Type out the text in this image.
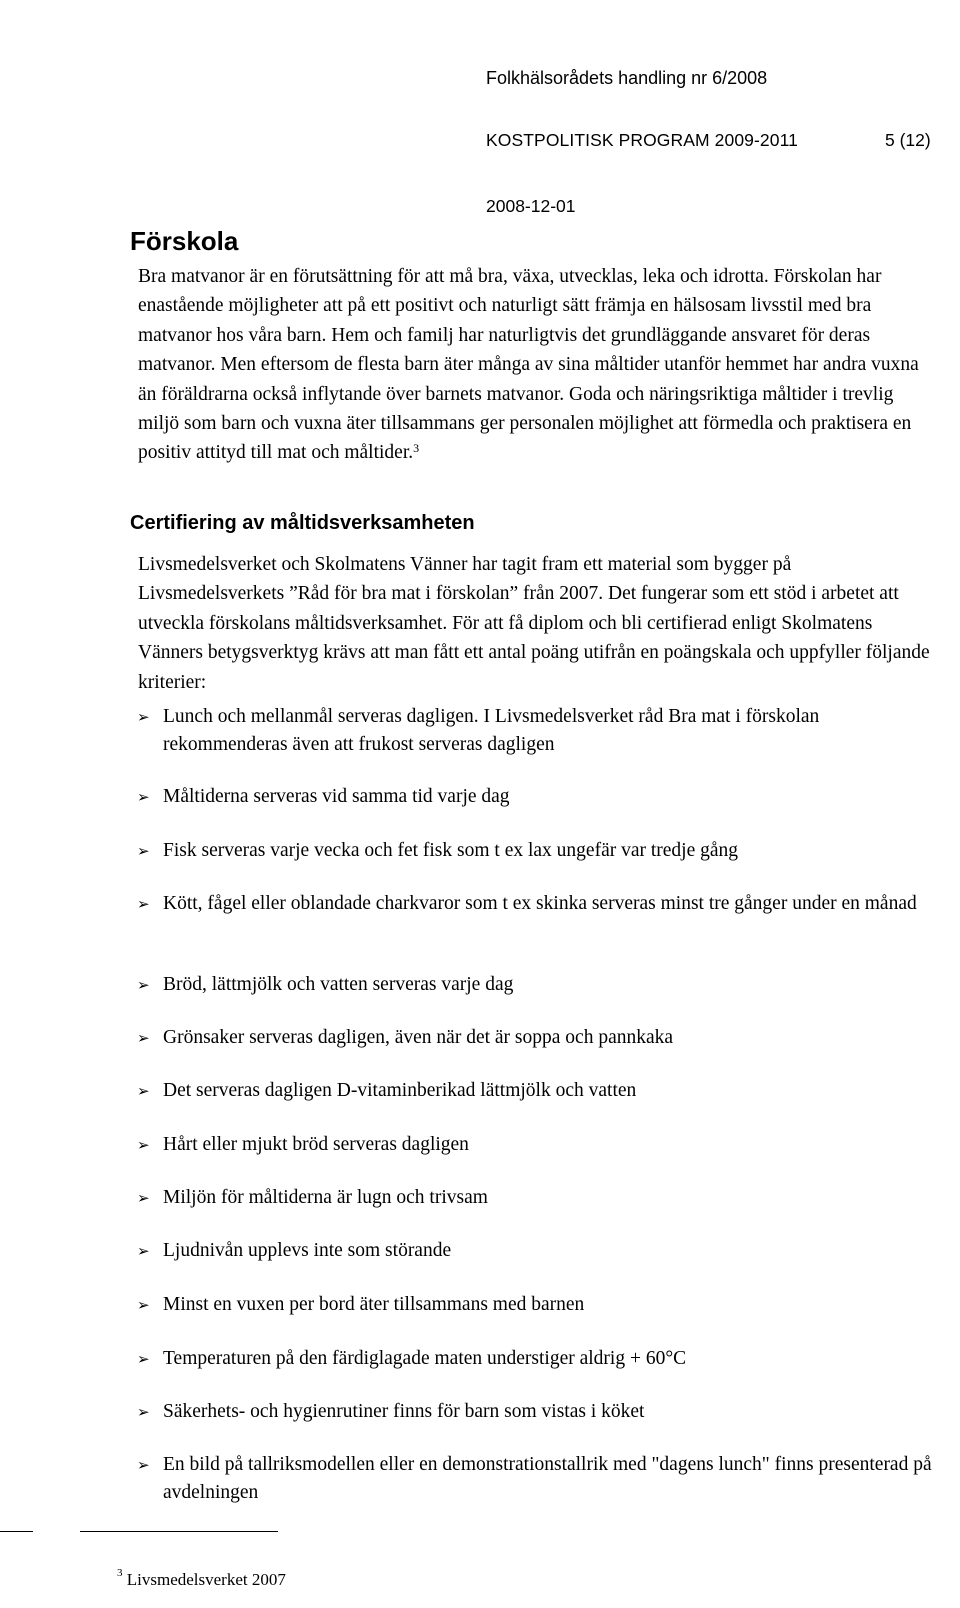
Folkhälsorådets handling nr 6/2008
KOSTPOLITISK PROGRAM 2009-2011	5 (12)
2008-12-01
Förskola

Bra matvanor är en förutsättning för att må bra, växa, utvecklas, leka och idrotta. Förskolan har enastående möjligheter att på ett positivt och naturligt sätt främja en hälsosam livsstil med bra matvanor hos våra barn. Hem och familj har naturligtvis det grundläggande ansvaret för deras matvanor. Men eftersom de flesta barn äter många av sina måltider utanför hemmet har andra vuxna än föräldrarna också inflytande över barnets matvanor. Goda och näringsriktiga måltider i trevlig miljö som barn och vuxna äter tillsammans ger personalen möjlighet att förmedla och praktisera en positiv attityd till mat och måltider.$^3$

Certifiering av måltidsverksamheten

Livsmedelsverket och Skolmatens Vänner har tagit fram ett material som bygger på Livsmedelsverkets ”Råd för bra mat i förskolan” från 2007. Det fungerar som ett stöd i arbetet att utveckla förskolans måltidsverksamhet. För att få diplom och bli certifierad enligt Skolmatens Vänners betygsverktyg krävs att man fått ett antal poäng utifrån en poängskala och uppfyller följande kriterier:

➢ Lunch och mellanmål serveras dagligen. I Livsmedelsverket råd Bra mat i förskolan rekommenderas även att frukost serveras dagligen
➢ Måltiderna serveras vid samma tid varje dag
➢ Fisk serveras varje vecka och fet fisk som t ex lax ungefär var tredje gång
➢ Kött, fågel eller oblandade charkvaror som t ex skinka serveras minst tre gånger under en månad
➢ Bröd, lättmjölk och vatten serveras varje dag
➢ Grönsaker serveras dagligen, även när det är soppa och pannkaka
➢ Det serveras dagligen D-vitaminberikad lättmjölk och vatten
➢ Hårt eller mjukt bröd serveras dagligen
➢ Miljön för måltiderna är lugn och trivsam
➢ Ljudnivån upplevs inte som störande
➢ Minst en vuxen per bord äter tillsammans med barnen
➢ Temperaturen på den färdiglagade maten understiger aldrig + 60°C
➢ Säkerhets- och hygienrutiner finns för barn som vistas i köket
➢ En bild på tallriksmodellen eller en demonstrationstallrik med "dagens lunch" finns presenterad på avdelningen
$^3$ Livsmedelsverket 2007
